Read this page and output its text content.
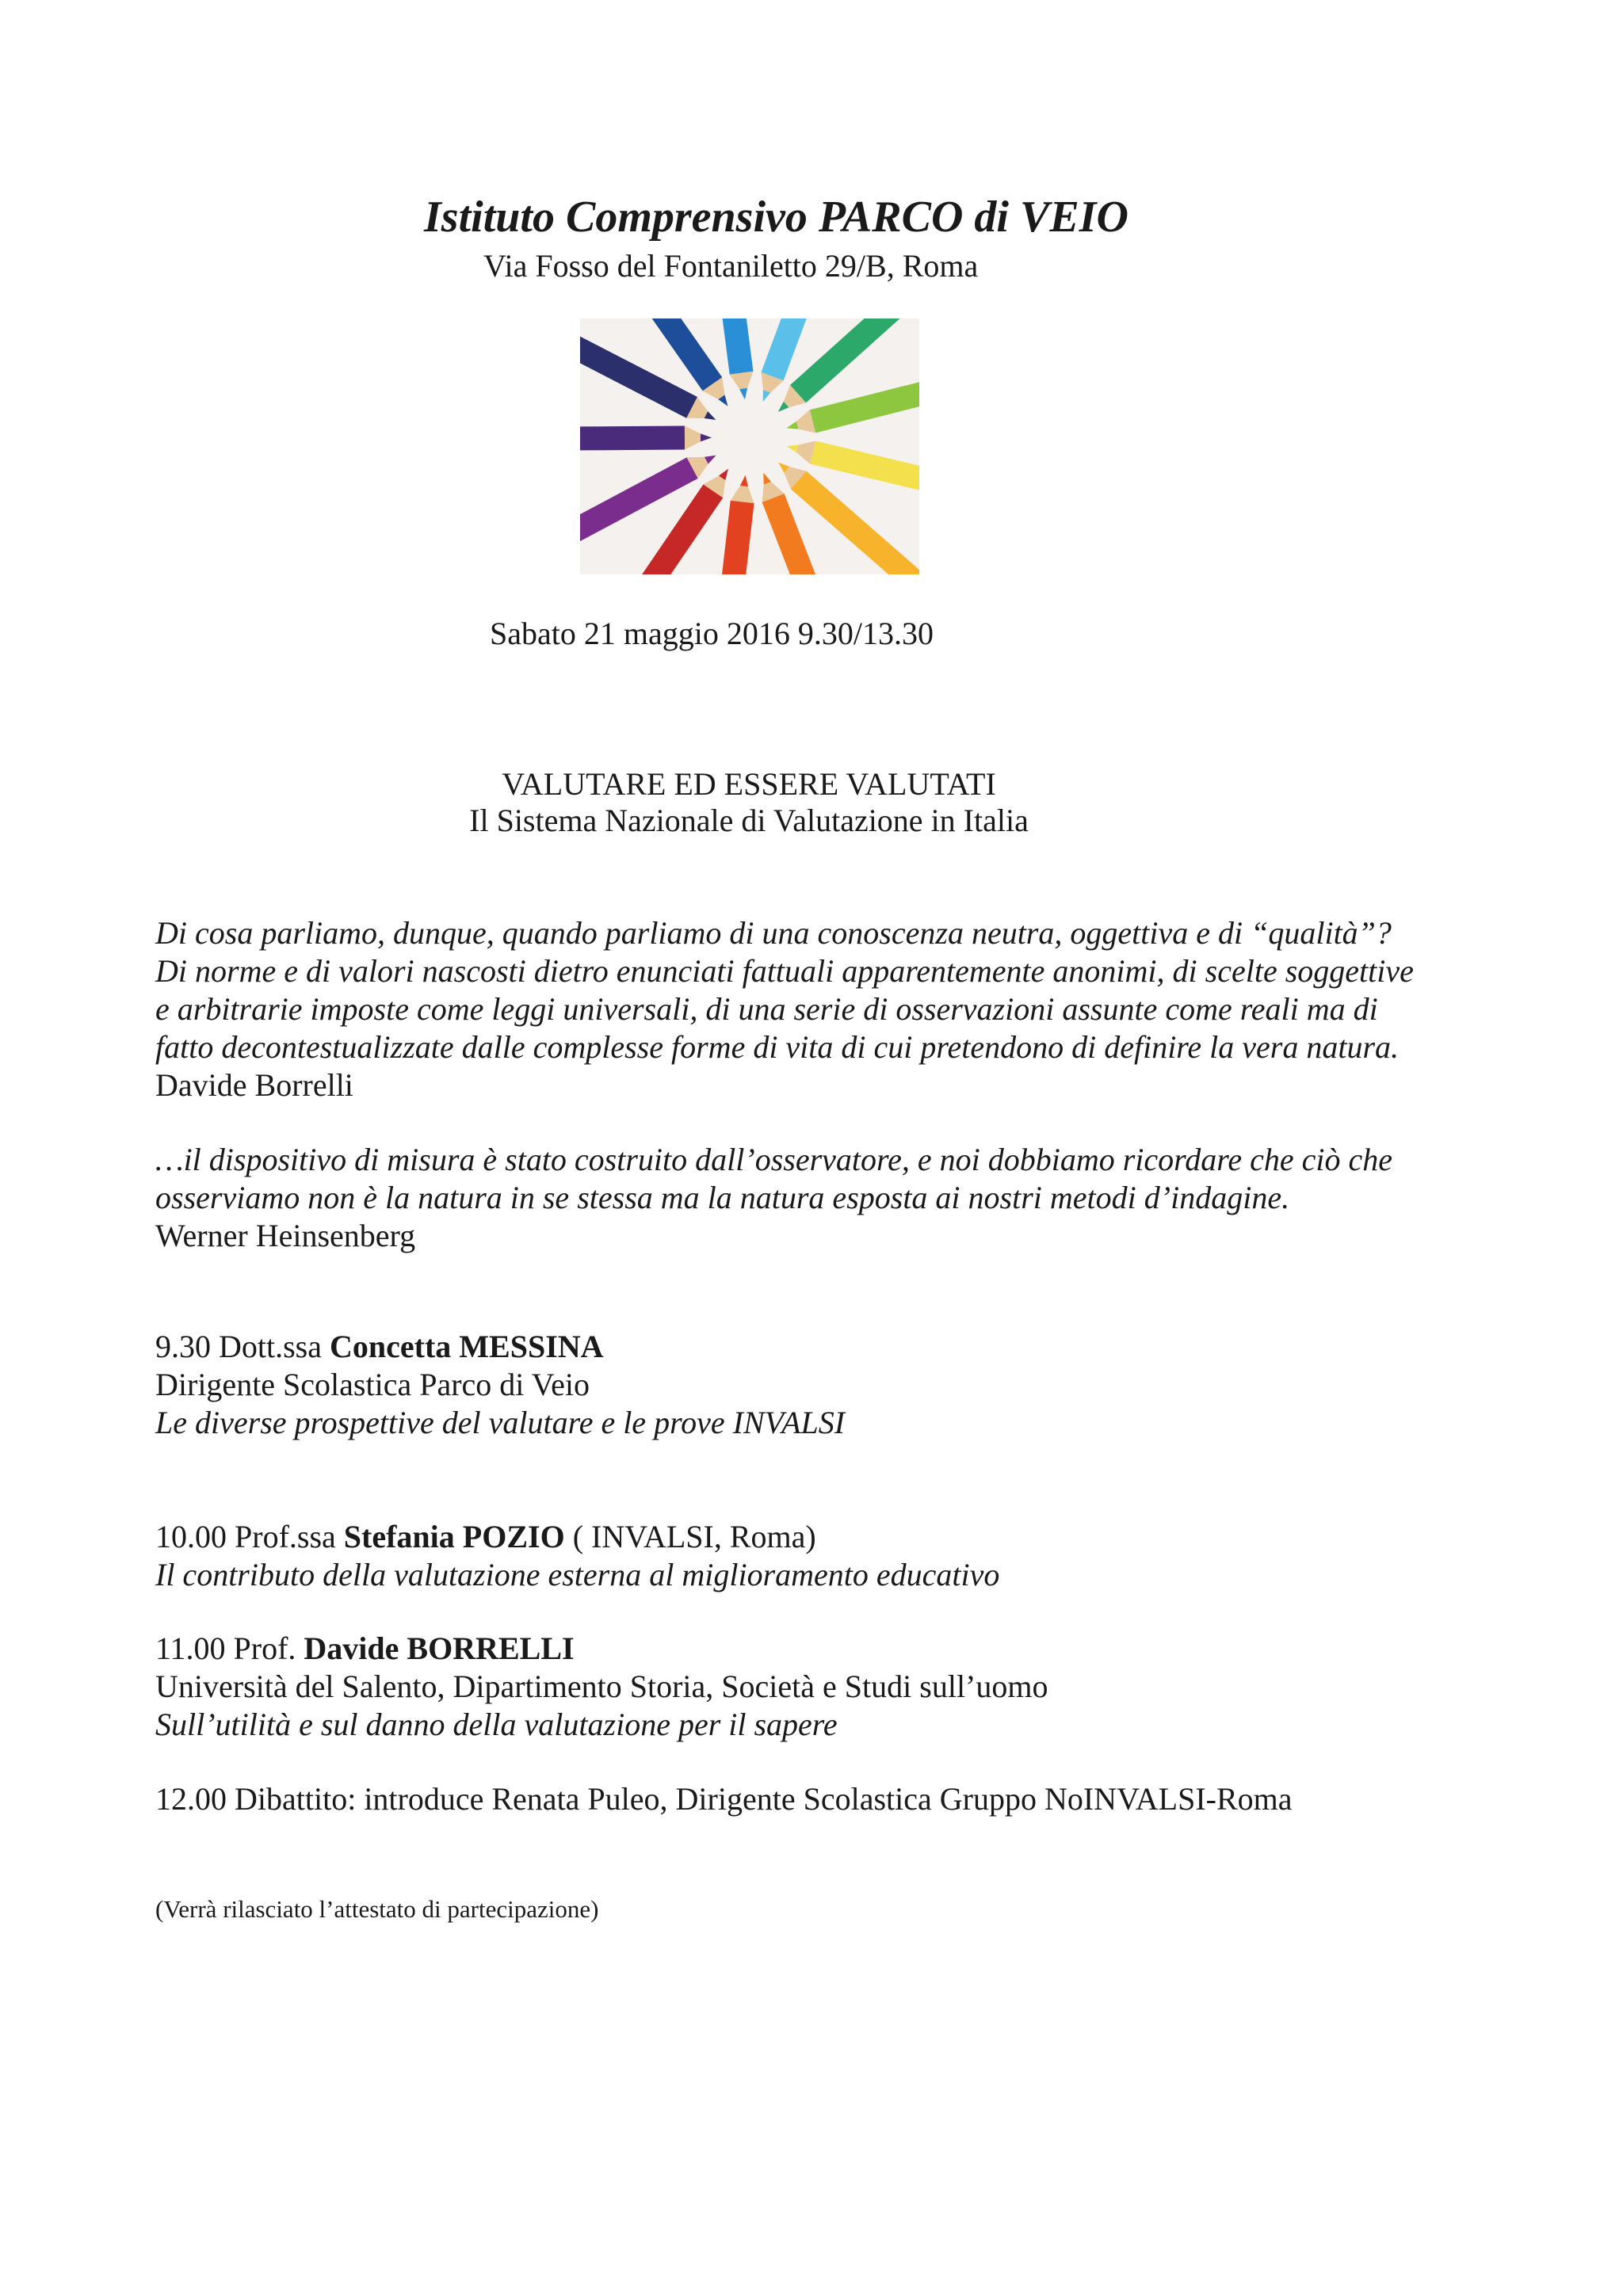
Istituto Comprensivo PARCO di VEIO
Via Fosso del Fontaniletto 29/B, Roma
Sabato 21 maggio 2016 9.30/13.30
VALUTARE ED ESSERE VALUTATI
Il Sistema Nazionale di Valutazione in Italia
Di cosa parliamo, dunque, quando parliamo di una conoscenza neutra, oggettiva e di “qualità”?
Di norme e di valori nascosti dietro enunciati fattuali apparentemente anonimi, di scelte soggettive
e arbitrarie imposte come leggi universali, di una serie di osservazioni assunte come reali ma di
fatto decontestualizzate dalle complesse forme di vita di cui pretendono di definire la vera natura.
Davide Borrelli
…il dispositivo di misura è stato costruito dall’osservatore, e noi dobbiamo ricordare che ciò che
osserviamo non è la natura in se stessa ma la natura esposta ai nostri metodi d’indagine.
Werner Heinsenberg
9.30 Dott.ssa Concetta MESSINA
Dirigente Scolastica Parco di Veio
Le diverse prospettive del valutare e le prove INVALSI
10.00 Prof.ssa Stefania POZIO ( INVALSI, Roma)
Il contributo della valutazione esterna al miglioramento educativo
11.00 Prof. Davide BORRELLI
Università del Salento, Dipartimento Storia, Società e Studi sull’uomo
Sull’utilità e sul danno della valutazione per il sapere
12.00 Dibattito: introduce Renata Puleo, Dirigente Scolastica Gruppo NoINVALSI-Roma
(Verrà rilasciato l’attestato di partecipazione)
